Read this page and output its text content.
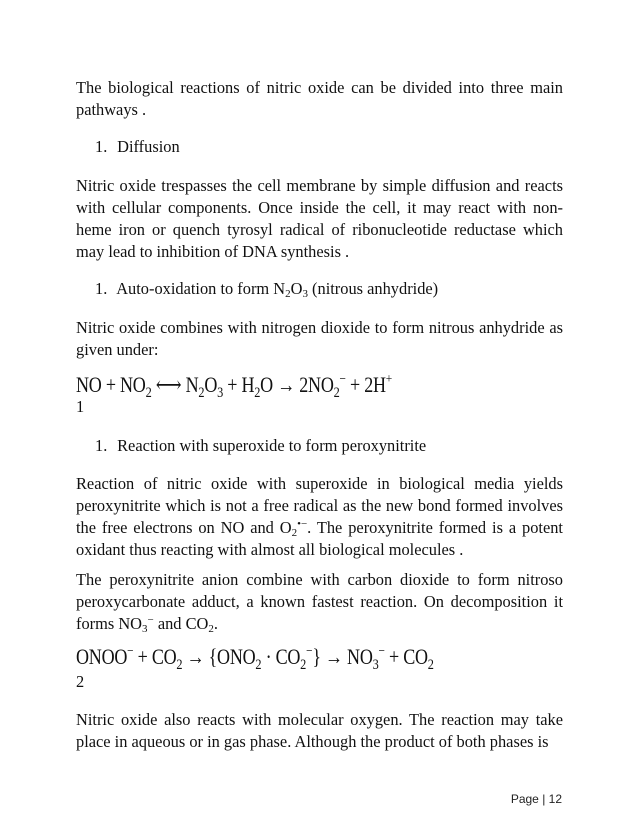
The biological reactions of nitric oxide can be divided into three main pathways .

1. Diffusion

Nitric oxide trespasses the cell membrane by simple diffusion and reacts with cellular components. Once inside the cell, it may react with non-heme iron or quench tyrosyl radical of ribonucleotide reductase which may lead to inhibition of DNA synthesis .

1. Auto-oxidation to form $N_2O_3$ (nitrous anhydride)

Nitric oxide combines with nitrogen dioxide to form nitrous anhydride as given under:

NO + $NO_2$ ⟷ $N_2O_3 + H_2O \to 2NO_2^- + 2H^+$
1

1. Reaction with superoxide to form peroxynitrite

Reaction of nitric oxide with superoxide in biological media yields peroxynitrite which is not a free radical as the new bond formed involves the free electrons on NO and $O_2^{•-}$. The peroxynitrite formed is a potent oxidant thus reacting with almost all biological molecules .

The peroxynitrite anion combine with carbon dioxide to form nitroso peroxycarbonate adduct, a known fastest reaction. On decomposition it forms $NO_3^-$ and $CO_2$.

ONOO− + $CO_2 \to \{ONO_2 \cdot CO_2^-\} \to NO_3^- + CO_2$
2

Nitric oxide also reacts with molecular oxygen. The reaction may take place in aqueous or in gas phase. Although the product of both phases is

Page | 12
